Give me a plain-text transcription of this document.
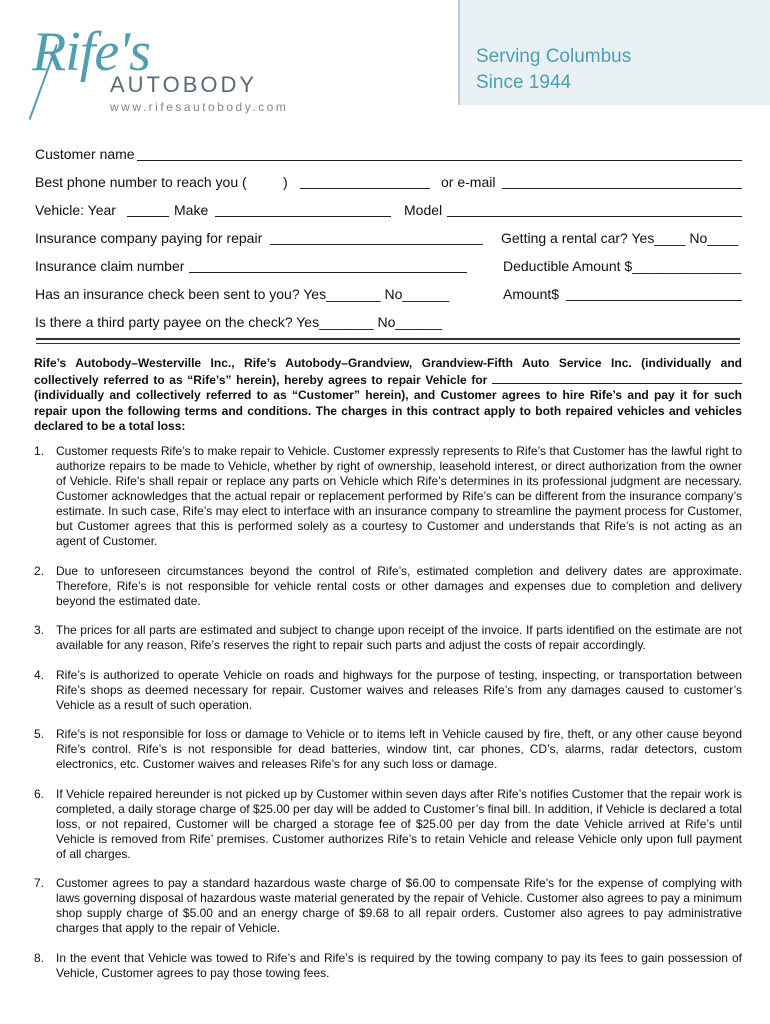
Rife's
AUTOBODY
www.rifesautobody.com
Serving Columbus
Since 1944
Customer name
Best phone number to reach you (	)	or e-mail
Vehicle: Year	Make	Model
Insurance company paying for repair	Getting a rental car? Yes____ No____
Insurance claim number	Deductible Amount $______________
Has an insurance check been sent to you? Yes_______ No______	Amount$
Is there a third party payee on the check? Yes_______ No______
Rife’s Autobody–Westerville Inc., Rife’s Autobody–Grandview, Grandview-Fifth Auto Service Inc. (individually and collectively referred to as “Rife’s” herein), hereby agrees to repair Vehicle for  (individually and collectively referred to as “Customer” herein), and Customer agrees to hire Rife’s and pay it for such repair upon the following terms and conditions. The charges in this contract apply to both repaired vehicles and vehicles declared to be a total loss:
1. Customer requests Rife’s to make repair to Vehicle. Customer expressly represents to Rife’s that Customer has the lawful right to authorize repairs to be made to Vehicle, whether by right of ownership, leasehold interest, or direct authorization from the owner of Vehicle. Rife’s shall repair or replace any parts on Vehicle which Rife’s determines in its professional judgment are necessary. Customer acknowledges that the actual repair or replacement performed by Rife’s can be different from the insurance company’s estimate. In such case, Rife’s may elect to interface with an insurance company to streamline the payment process for Customer, but Customer agrees that this is performed solely as a courtesy to Customer and understands that Rife’s is not acting as an agent of Customer.
2. Due to unforeseen circumstances beyond the control of Rife’s, estimated completion and delivery dates are approximate. Therefore, Rife’s is not responsible for vehicle rental costs or other damages and expenses due to completion and delivery beyond the estimated date.
3. The prices for all parts are estimated and subject to change upon receipt of the invoice. If parts identified on the estimate are not available for any reason, Rife’s reserves the right to repair such parts and adjust the costs of repair accordingly.
4. Rife’s is authorized to operate Vehicle on roads and highways for the purpose of testing, inspecting, or transportation between Rife’s shops as deemed necessary for repair. Customer waives and releases Rife’s from any damages caused to customer’s Vehicle as a result of such operation.
5. Rife’s is not responsible for loss or damage to Vehicle or to items left in Vehicle caused by fire, theft, or any other cause beyond Rife’s control. Rife’s is not responsible for dead batteries, window tint, car phones, CD’s, alarms, radar detectors, custom electronics, etc. Customer waives and releases Rife’s for any such loss or damage.
6. If Vehicle repaired hereunder is not picked up by Customer within seven days after Rife’s notifies Customer that the repair work is completed, a daily storage charge of $25.00 per day will be added to Customer’s final bill. In addition, if Vehicle is declared a total loss, or not repaired, Customer will be charged a storage fee of $25.00 per day from the date Vehicle arrived at Rife’s until Vehicle is removed from Rife’ premises. Customer authorizes Rife’s to retain Vehicle and release Vehicle only upon full payment of all charges.
7. Customer agrees to pay a standard hazardous waste charge of $6.00 to compensate Rife’s for the expense of complying with laws governing disposal of hazardous waste material generated by the repair of Vehicle. Customer also agrees to pay a minimum shop supply charge of $5.00 and an energy charge of $9.68 to all repair orders. Customer also agrees to pay administrative charges that apply to the repair of Vehicle.
8. In the event that Vehicle was towed to Rife’s and Rife’s is required by the towing company to pay its fees to gain possession of Vehicle, Customer agrees to pay those towing fees.
